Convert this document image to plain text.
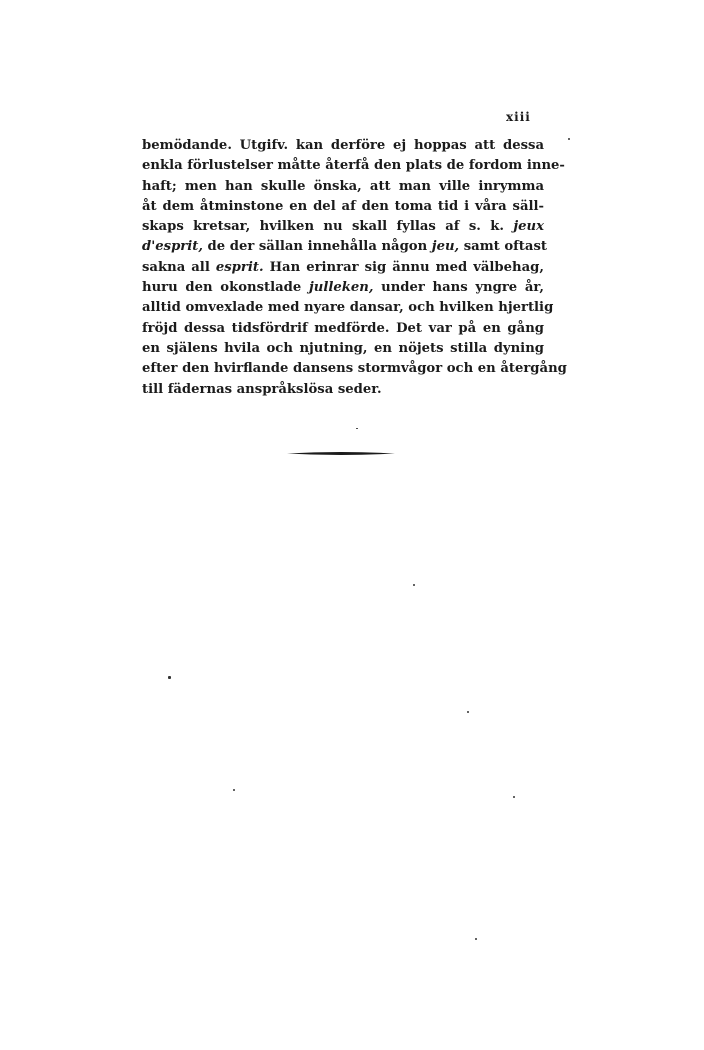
xiii
bemödande. Utgifv. kan derföre ej hoppas att dessa
enkla förlustelser måtte återfå den plats de fordom inne-
haft; men han skulle önska, att man ville inrymma
åt dem åtminstone en del af den toma tid i våra säll-
skaps kretsar, hvilken nu skall fyllas af s. k. jeux
d'esprit, de der sällan innehålla någon jeu, samt oftast
sakna all esprit. Han erinrar sig ännu med välbehag,
huru den okonstlade julleken, under hans yngre år,
alltid omvexlade med nyare dansar, och hvilken hjertlig
fröjd dessa tidsfördrif medförde. Det var på en gång
en själens hvila och njutning, en nöjets stilla dyning
efter den hvirflande dansens stormvågor och en återgång
till fädernas anspråkslösa seder.
